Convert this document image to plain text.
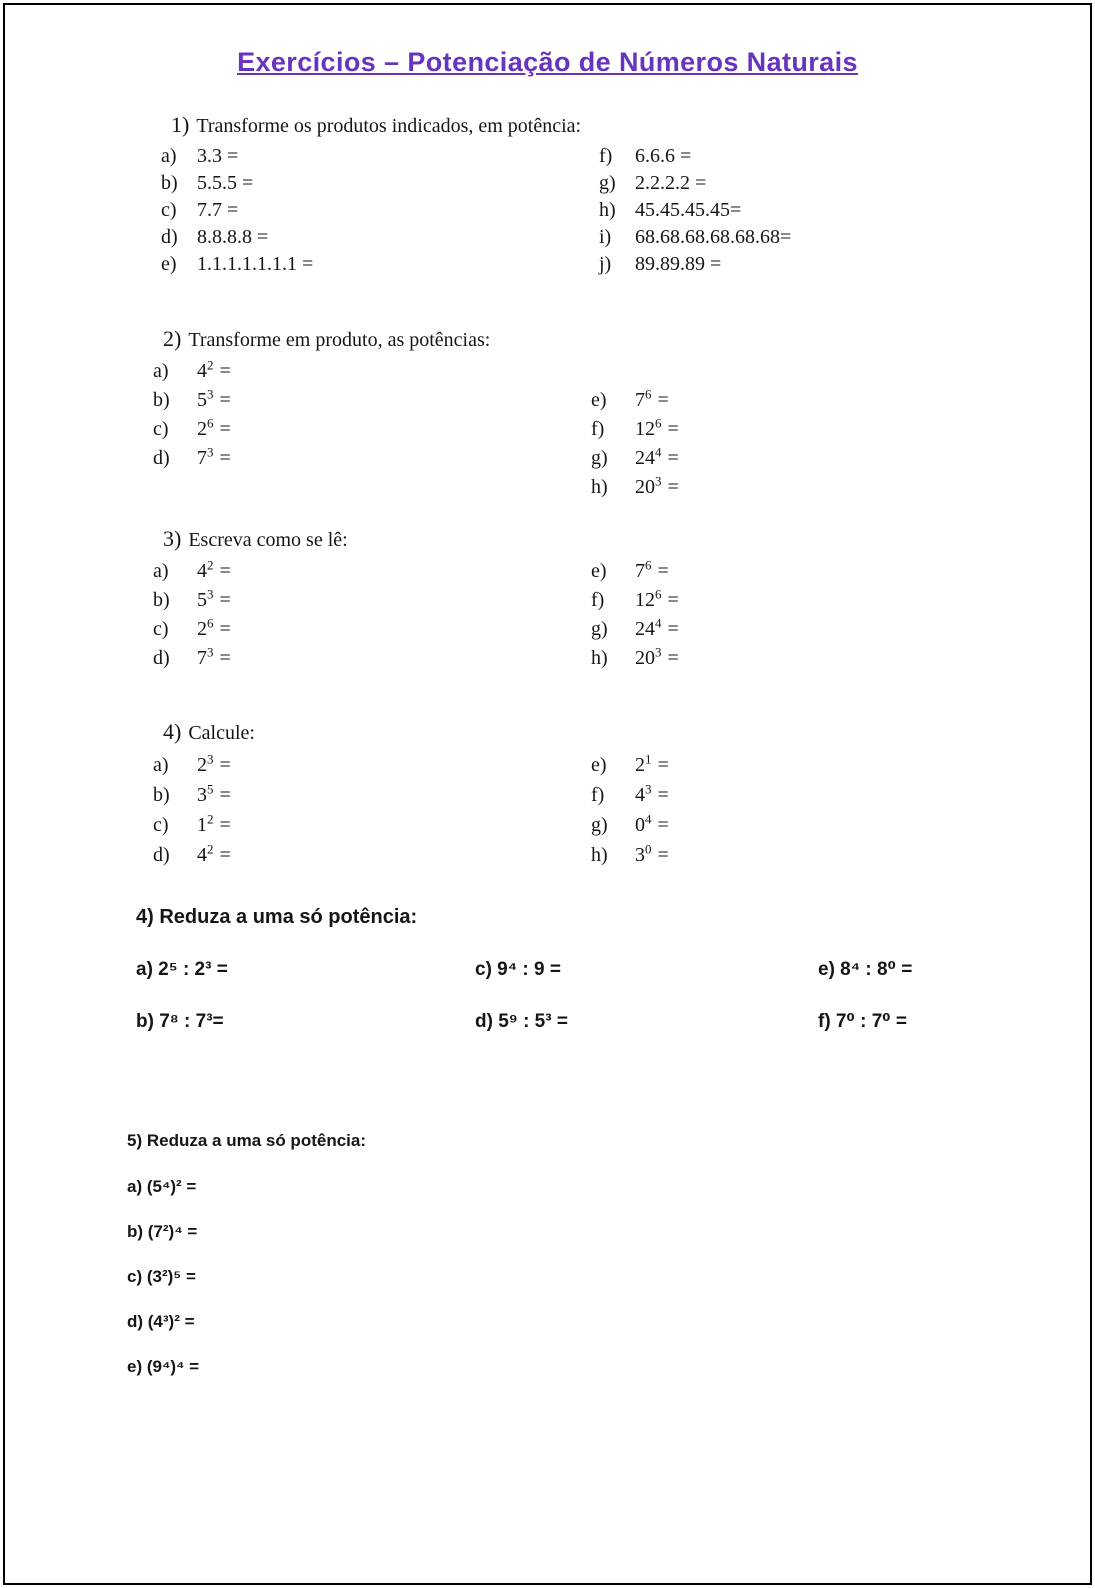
Exercícios – Potenciação de Números Naturais
1) Transforme os produtos indicados, em potência:
a) 3.3 =
b) 5.5.5 =
c) 7.7 =
d) 8.8.8.8 =
e) 1.1.1.1.1.1.1 =
f) 6.6.6 =
g) 2.2.2.2 =
h) 45.45.45.45=
i) 68.68.68.68.68.68=
j) 89.89.89 =
2) Transforme em produto, as potências:
a) $4^2$ =
b) $5^3$ =
c) $2^6$ =
d) $7^3$ =
e) $7^6$ =
f) $12^6$ =
g) $24^4$ =
h) $20^3$ =
3) Escreva como se lê:
a) $4^2$ =
b) $5^3$ =
c) $2^6$ =
d) $7^3$ =
e) $7^6$ =
f) $12^6$ =
g) $24^4$ =
h) $20^3$ =
4) Calcule:
a) $2^3$ =
b) $3^5$ =
c) $1^2$ =
d) $4^2$ =
e) $2^1$ =
f) $4^3$ =
g) $0^4$ =
h) $3^0$ =
4) Reduza a uma só potência:
a) 2⁵ : 2³ =	c) 9⁴ : 9 =	e) 8⁴ : 8⁰ =
b) 7⁸ : 7³=	d) 5⁹ : 5³ =	f) 7⁰ : 7⁰ =
5) Reduza a uma só potência:
a) (5⁴)² =
b) (7²)⁴ =
c) (3²)⁵ =
d) (4³)² =
e) (9⁴)⁴ =
